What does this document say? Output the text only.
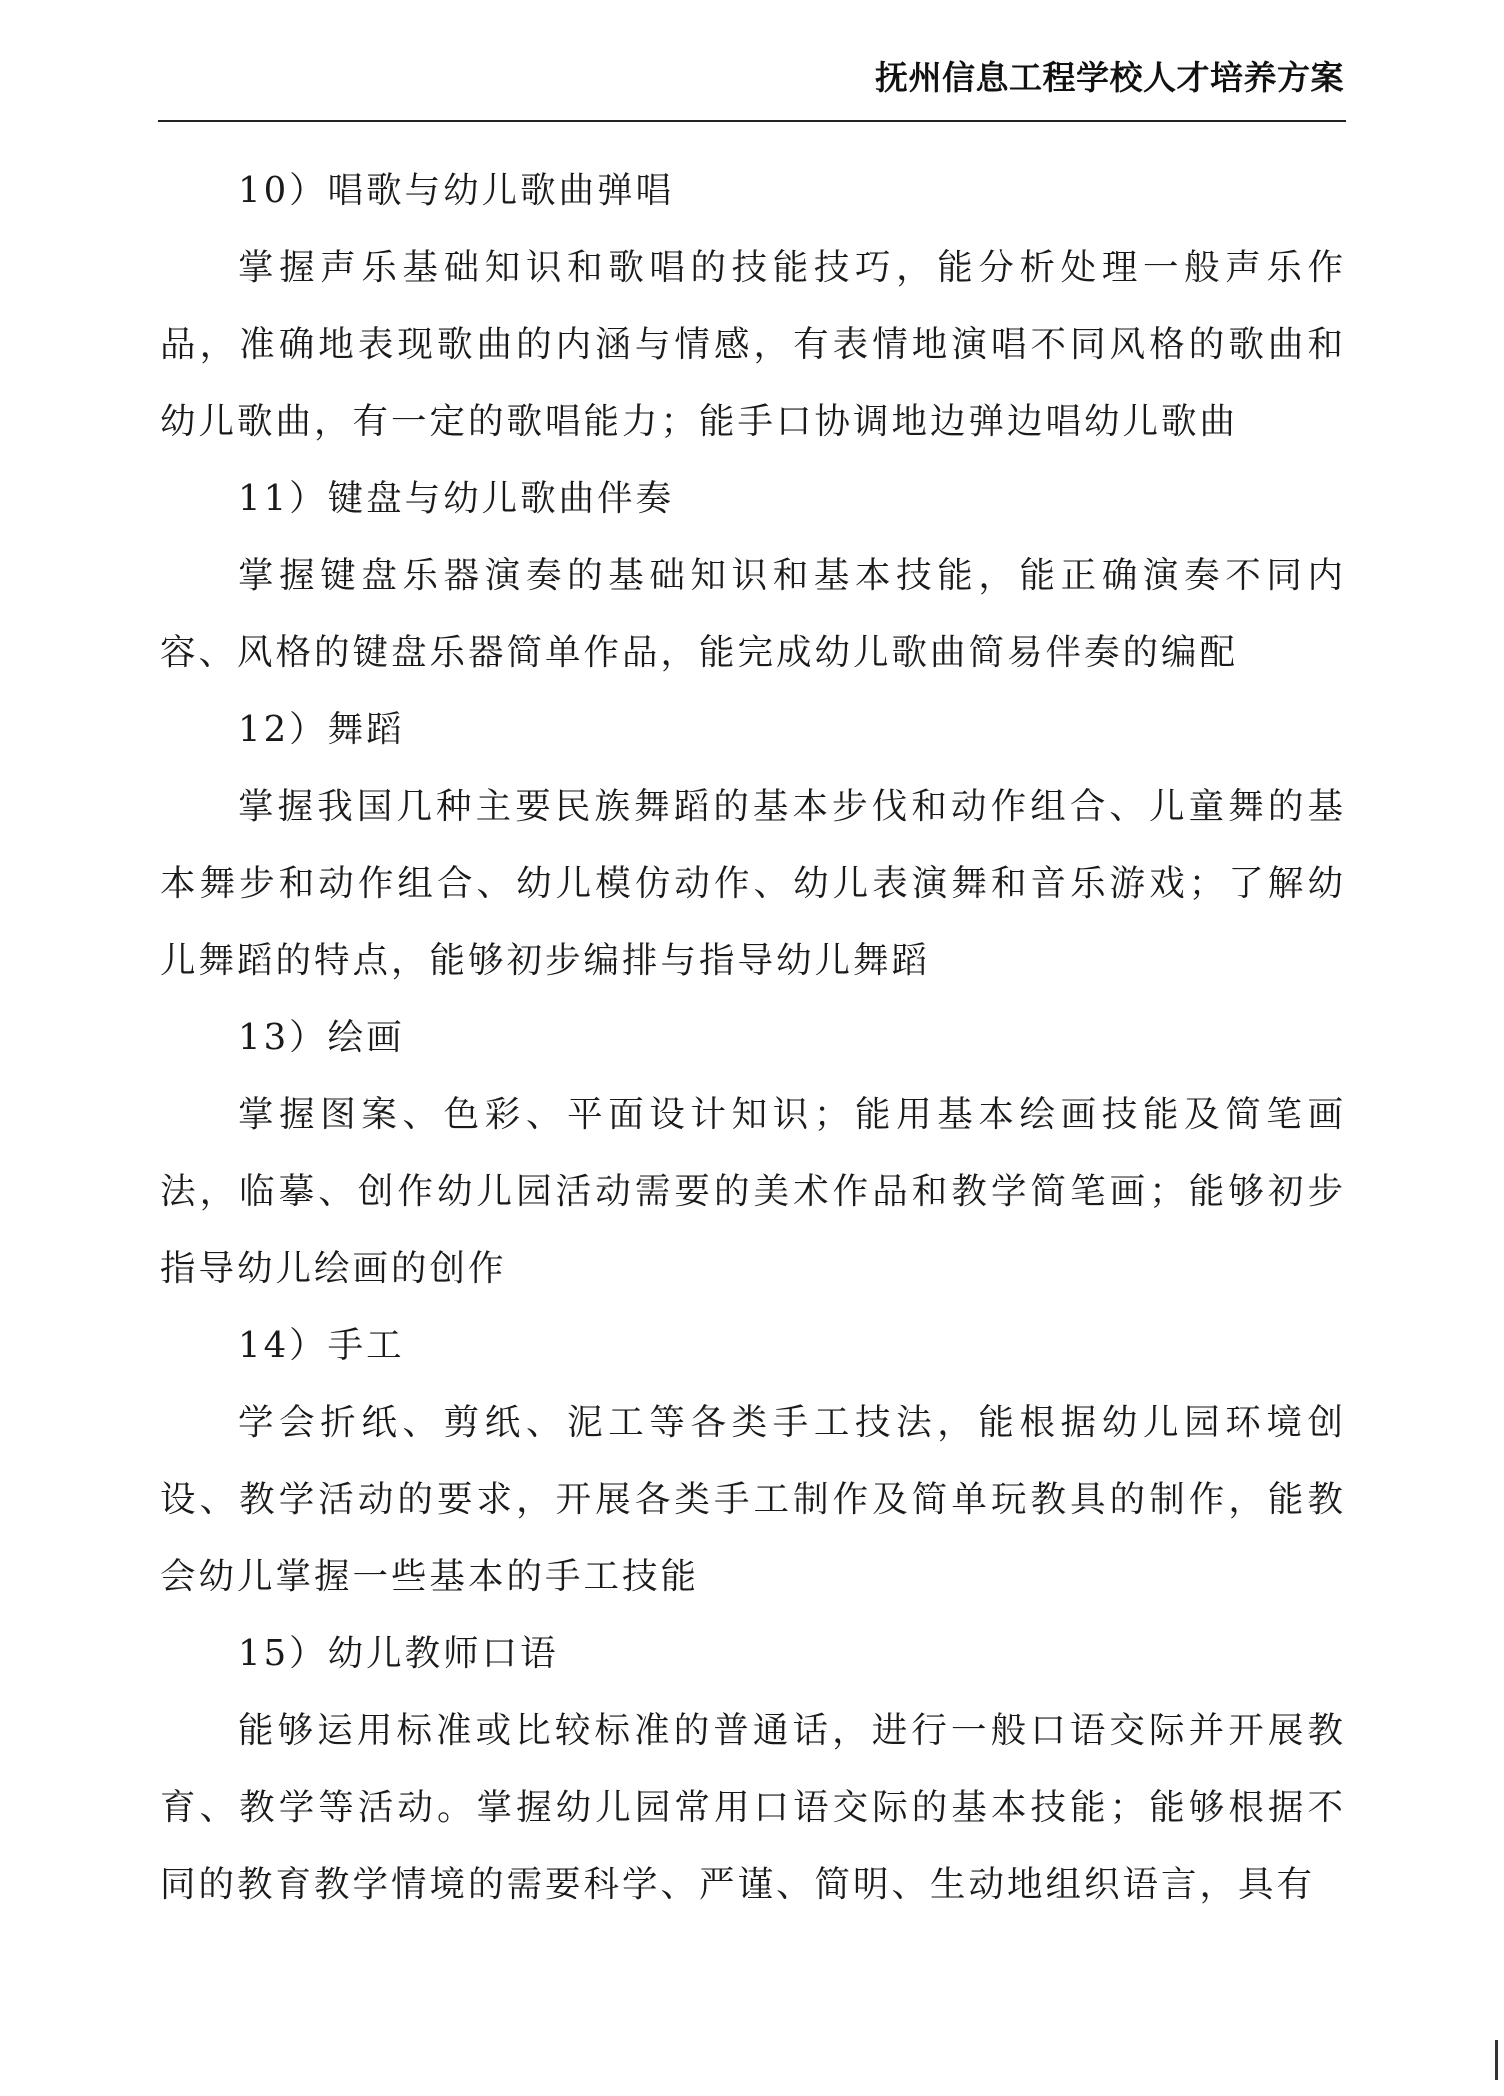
抚州信息工程学校人才培养方案

10）唱歌与幼儿歌曲弹唱

掌握声乐基础知识和歌唱的技能技巧，能分析处理一般声乐作品，准确地表现歌曲的内涵与情感，有表情地演唱不同风格的歌曲和幼儿歌曲，有一定的歌唱能力；能手口协调地边弹边唱幼儿歌曲

11）键盘与幼儿歌曲伴奏

掌握键盘乐器演奏的基础知识和基本技能，能正确演奏不同内容、风格的键盘乐器简单作品，能完成幼儿歌曲简易伴奏的编配

12）舞蹈

掌握我国几种主要民族舞蹈的基本步伐和动作组合、儿童舞的基本舞步和动作组合、幼儿模仿动作、幼儿表演舞和音乐游戏；了解幼儿舞蹈的特点，能够初步编排与指导幼儿舞蹈

13）绘画

掌握图案、色彩、平面设计知识；能用基本绘画技能及简笔画法，临摹、创作幼儿园活动需要的美术作品和教学简笔画；能够初步指导幼儿绘画的创作

14）手工

学会折纸、剪纸、泥工等各类手工技法，能根据幼儿园环境创设、教学活动的要求，开展各类手工制作及简单玩教具的制作，能教会幼儿掌握一些基本的手工技能

15）幼儿教师口语

能够运用标准或比较标准的普通话，进行一般口语交际并开展教育、教学等活动。掌握幼儿园常用口语交际的基本技能；能够根据不同的教育教学情境的需要科学、严谨、简明、生动地组织语言，具有
